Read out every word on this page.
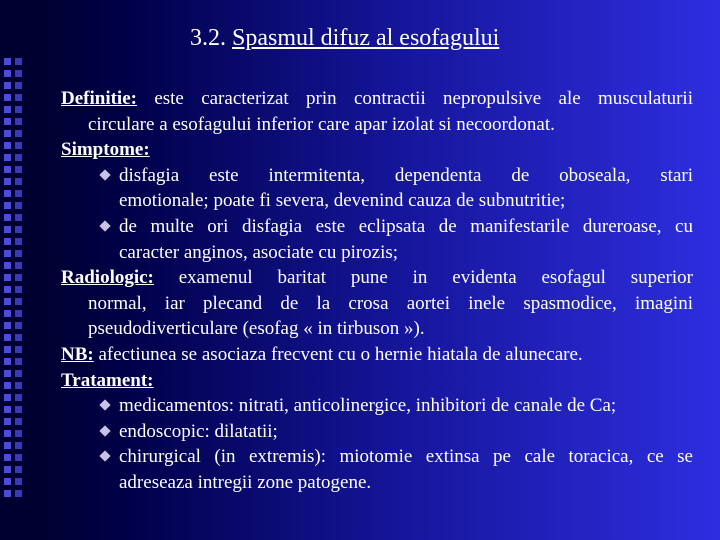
3.2. Spasmul difuz al esofagului
Definitie: este caracterizat prin contractii nepropulsive ale musculaturii
circulare a esofagului inferior care apar izolat si necoordonat.
Simptome:
disfagia este intermitenta, dependenta de oboseala, stari
emotionale; poate fi severa, devenind cauza de subnutritie;
de multe ori disfagia este eclipsata de manifestarile dureroase, cu
caracter anginos, asociate cu pirozis;
Radiologic: examenul baritat pune in evidenta esofagul superior
normal, iar plecand de la crosa aortei inele spasmodice, imagini
pseudodiverticulare (esofag « in tirbuson »).
NB: afectiunea se asociaza frecvent cu o hernie hiatala de alunecare.
Tratament:
medicamentos: nitrati, anticolinergice, inhibitori de canale de Ca;
endoscopic: dilatatii;
chirurgical (in extremis): miotomie extinsa pe cale toracica, ce se
adreseaza intregii zone patogene.
